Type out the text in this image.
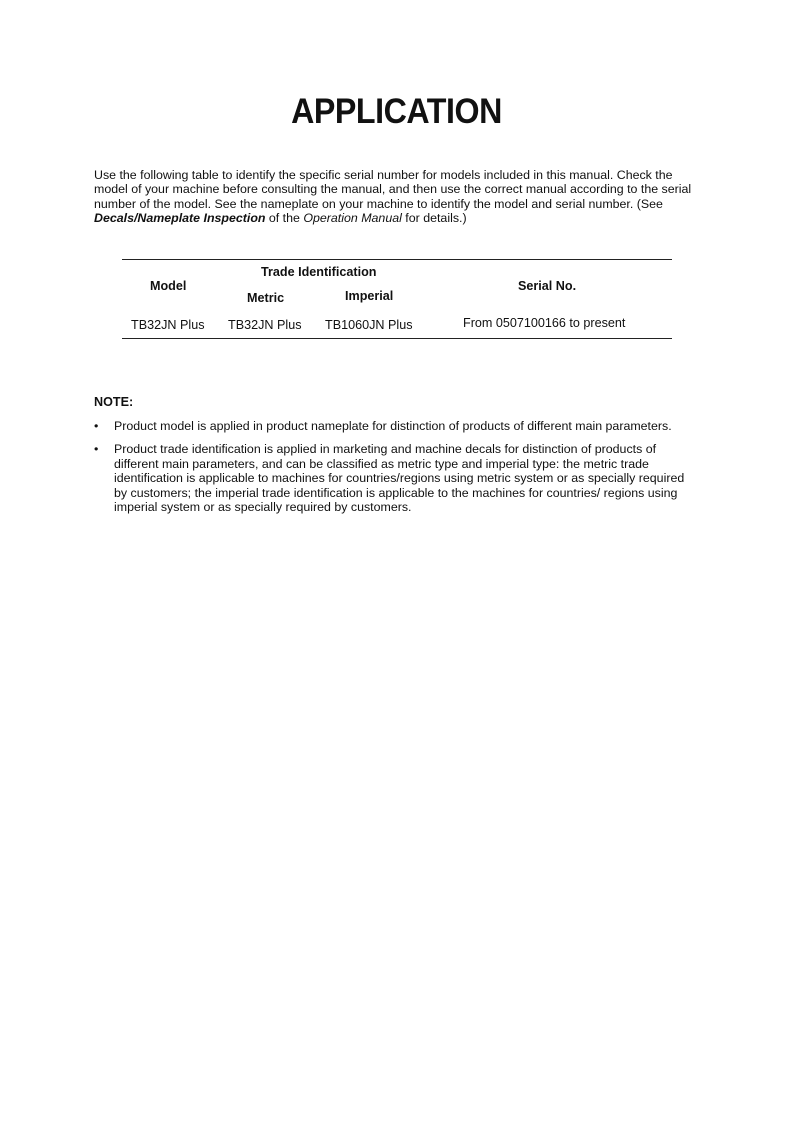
APPLICATION

Use the following table to identify the specific serial number for models included in this manual. Check the model of your machine before consulting the manual, and then use the correct manual according to the serial number of the model. See the nameplate on your machine to identify the model and serial number. (See Decals/Nameplate Inspection of the Operation Manual for details.)

Model
Trade Identification
Metric	Imperial
Serial No.
TB32JN Plus TB32JN Plus TB1060JN Plus	From 0507100166 to present

NOTE:

• Product model is applied in product nameplate for distinction of products of different main parameters.
• Product trade identification is applied in marketing and machine decals for distinction of products of different main parameters, and can be classified as metric type and imperial type: the metric trade identification is applicable to machines for countries/regions using metric system or as specially required by customers; the imperial trade identification is applicable to the machines for countries/ regions using imperial system or as specially required by customers.
